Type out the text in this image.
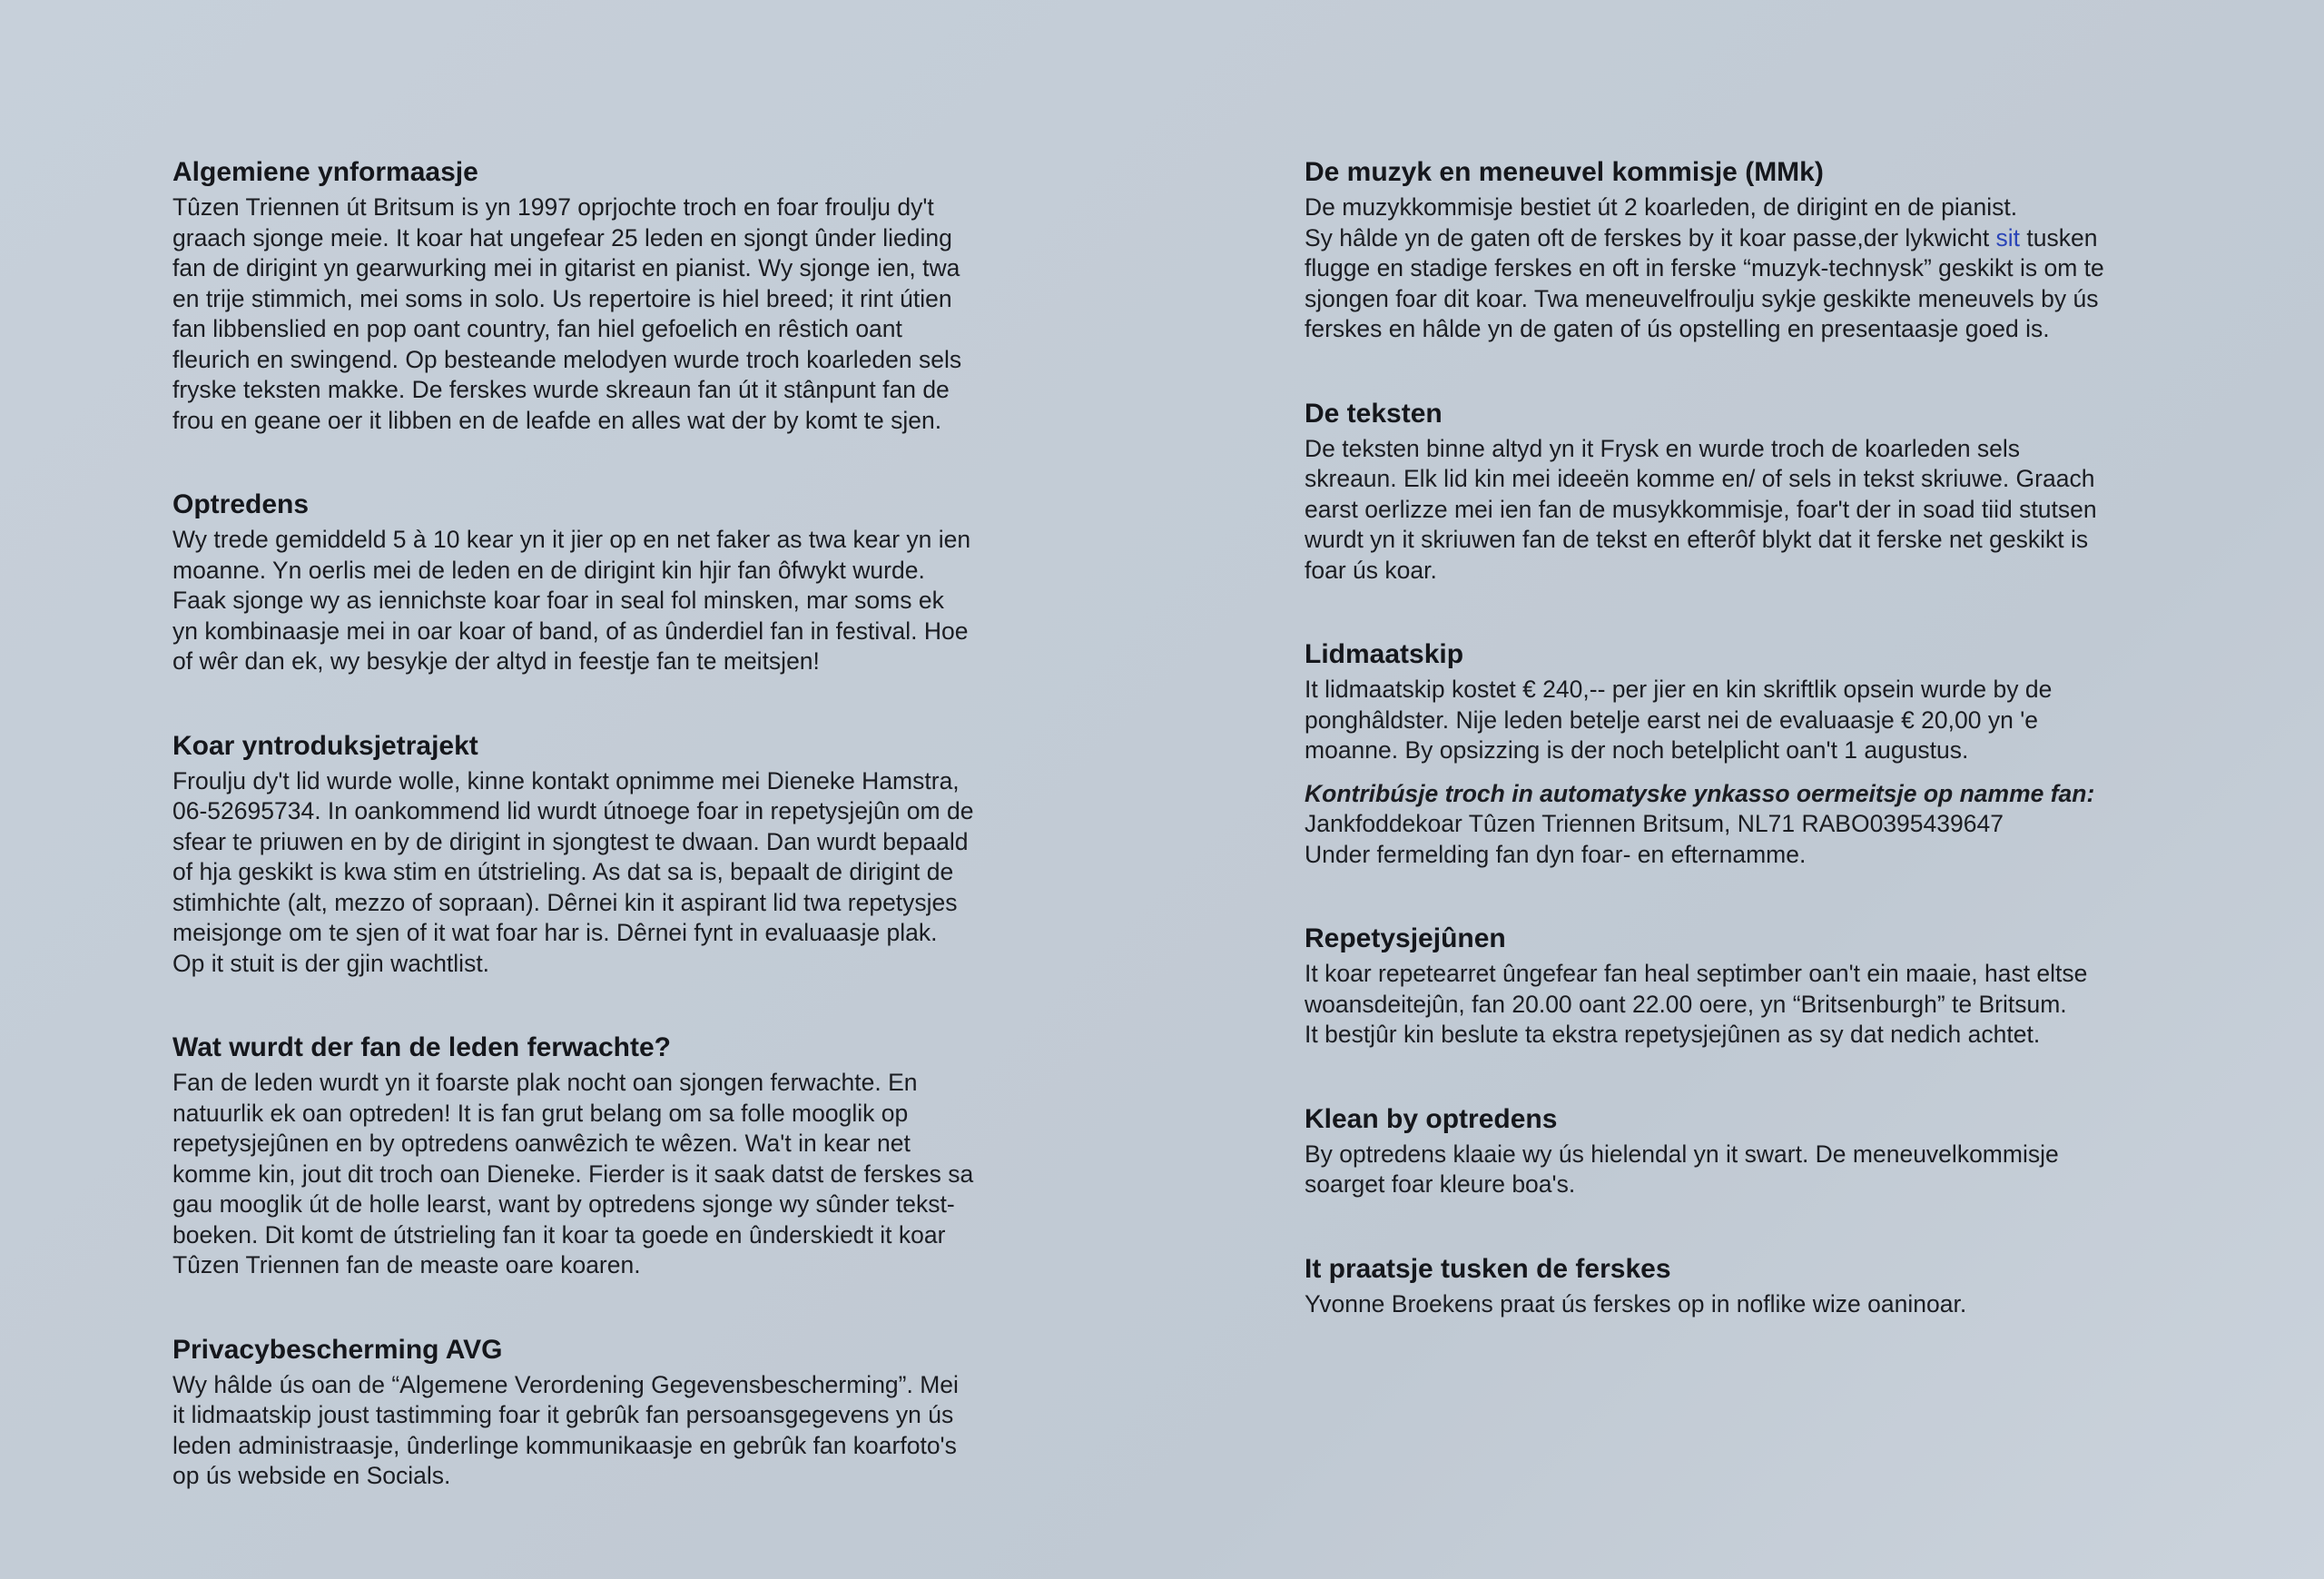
Algemiene ynformaasje

Tûzen Triennen út Britsum is yn 1997 oprjochte troch en foar froulju dy't
graach sjonge meie. It koar hat ungefear 25 leden en sjongt ûnder lieding
fan de dirigint yn gearwurking mei in gitarist en pianist. Wy sjonge ien, twa
en trije stimmich, mei soms in solo. Us repertoire is hiel breed; it rint útien
fan libbenslied en pop oant country, fan hiel gefoelich en rêstich oant
fleurich en swingend. Op besteande melodyen wurde troch koarleden sels
fryske teksten makke. De ferskes wurde skreaun fan út it stânpunt fan de
frou en geane oer it libben en de leafde en alles wat der by komt te sjen.

Optredens

Wy trede gemiddeld 5 à 10 kear yn it jier op en net faker as twa kear yn ien
moanne. Yn oerlis mei de leden en de dirigint kin hjir fan ôfwykt wurde.
Faak sjonge wy as iennichste koar foar in seal fol minsken, mar soms ek
yn kombinaasje mei in oar koar of band, of as ûnderdiel fan in festival. Hoe
of wêr dan ek, wy besykje der altyd in feestje fan te meitsjen!

Koar yntroduksjetrajekt

Froulju dy't lid wurde wolle, kinne kontakt opnimme mei Dieneke Hamstra,
06-52695734. In oankommend lid wurdt útnoege foar in repetysjejûn om de
sfear te priuwen en by de dirigint in sjongtest te dwaan. Dan wurdt bepaald
of hja geskikt is kwa stim en útstrieling. As dat sa is, bepaalt de dirigint de
stimhichte (alt, mezzo of sopraan). Dêrnei kin it aspirant lid twa repetysjes
meisjonge om te sjen of it wat foar har is. Dêrnei fynt in evaluaasje plak.
Op it stuit is der gjin wachtlist.

Wat wurdt der fan de leden ferwachte?

Fan de leden wurdt yn it foarste plak nocht oan sjongen ferwachte. En
natuurlik ek oan optreden! It is fan grut belang om sa folle mooglik op
repetysjejûnen en by optredens oanwêzich te wêzen. Wa't in kear net
komme kin, jout dit troch oan Dieneke. Fierder is it saak datst de ferskes sa
gau mooglik út de holle learst, want by optredens sjonge wy sûnder tekst-
boeken. Dit komt de útstrieling fan it koar ta goede en ûnderskiedt it koar
Tûzen Triennen fan de measte oare koaren.

Privacybescherming AVG

Wy hâlde ús oan de “Algemene Verordening Gegevensbescherming”. Mei
it lidmaatskip joust tastimming foar it gebrûk fan persoansgegevens yn ús
leden administraasje, ûnderlinge kommunikaasje en gebrûk fan koarfoto's
op ús webside en Socials.

De muzyk en meneuvel kommisje (MMk)

De muzykkommisje bestiet út 2 koarleden, de dirigint en de pianist.
Sy hâlde yn de gaten oft de ferskes by it koar passe,der lykwicht sit tusken
flugge en stadige ferskes en oft in ferske “muzyk-technysk” geskikt is om te
sjongen foar dit koar. Twa meneuvelfroulju sykje geskikte meneuvels by ús
ferskes en hâlde yn de gaten of ús opstelling en presentaasje goed is.

De teksten

De teksten binne altyd yn it Frysk en wurde troch de koarleden sels
skreaun. Elk lid kin mei ideeën komme en/ of sels in tekst skriuwe. Graach
earst oerlizze mei ien fan de musykkommisje, foar't der in soad tiid stutsen
wurdt yn it skriuwen fan de tekst en efterôf blykt dat it ferske net geskikt is
foar ús koar.

Lidmaatskip

It lidmaatskip kostet € 240,-- per jier en kin skriftlik opsein wurde by de
ponghâldster. Nije leden betelje earst nei de evaluaasje € 20,00 yn 'e
moanne. By opsizzing is der noch betelplicht oan't 1 augustus.

Kontribúsje troch in automatyske ynkasso oermeitsje op namme fan:
Jankfoddekoar Tûzen Triennen Britsum, NL71 RABO0395439647
Under fermelding fan dyn foar- en efternamme.

Repetysjejûnen

It koar repetearret ûngefear fan heal septimber oan't ein maaie, hast eltse
woansdeitejûn, fan 20.00 oant 22.00 oere, yn “Britsenburgh” te Britsum.
It bestjûr kin beslute ta ekstra repetysjejûnen as sy dat nedich achtet.

Klean by optredens

By optredens klaaie wy ús hielendal yn it swart. De meneuvelkommisje
soarget foar kleure boa's.

It praatsje tusken de ferskes

Yvonne Broekens praat ús ferskes op in noflike wize oaninoar.
